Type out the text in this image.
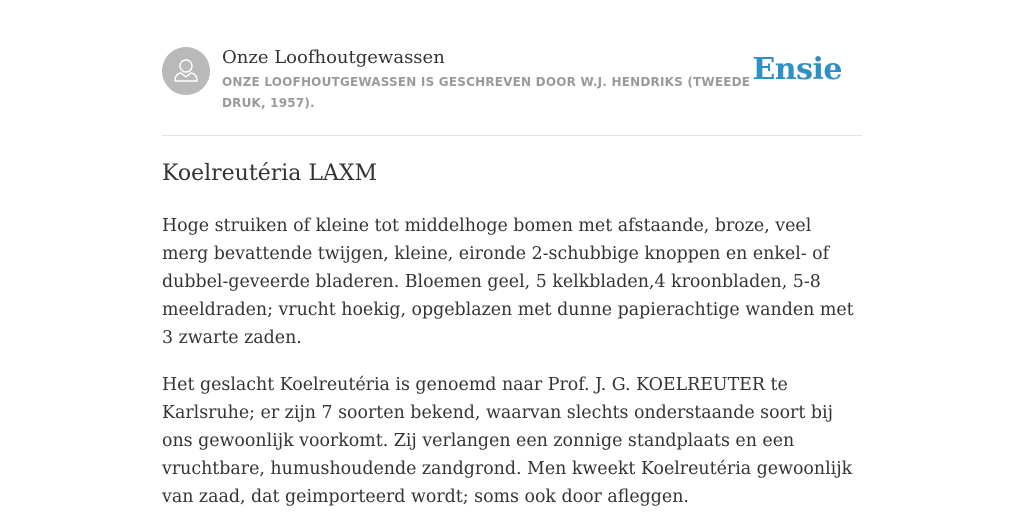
Onze Loofhoutgewassen
ONZE LOOFHOUTGEWASSEN IS GESCHREVEN DOOR W.J. HENDRIKS (TWEEDE DRUK, 1957).
Ensie
Koelreutéria LAXM

Hoge struiken of kleine tot middelhoge bomen met afstaande, broze, veel merg bevattende twijgen, kleine, eironde 2-schubbige knoppen en enkel- of dubbel-geveerde bladeren. Bloemen geel, 5 kelkbladen,4 kroonbladen, 5-8 meeldraden; vrucht hoekig, opgeblazen met dunne papierachtige wanden met 3 zwarte zaden.

Het geslacht Koelreutéria is genoemd naar Prof. J. G. KOELREUTER te Karlsruhe; er zijn 7 soorten bekend, waarvan slechts onderstaande soort bij ons gewoonlijk voorkomt. Zij verlangen een zonnige standplaats en een vruchtbare, humushoudende zandgrond. Men kweekt Koelreutéria gewoonlijk van zaad, dat geimporteerd wordt; soms ook door afleggen.
